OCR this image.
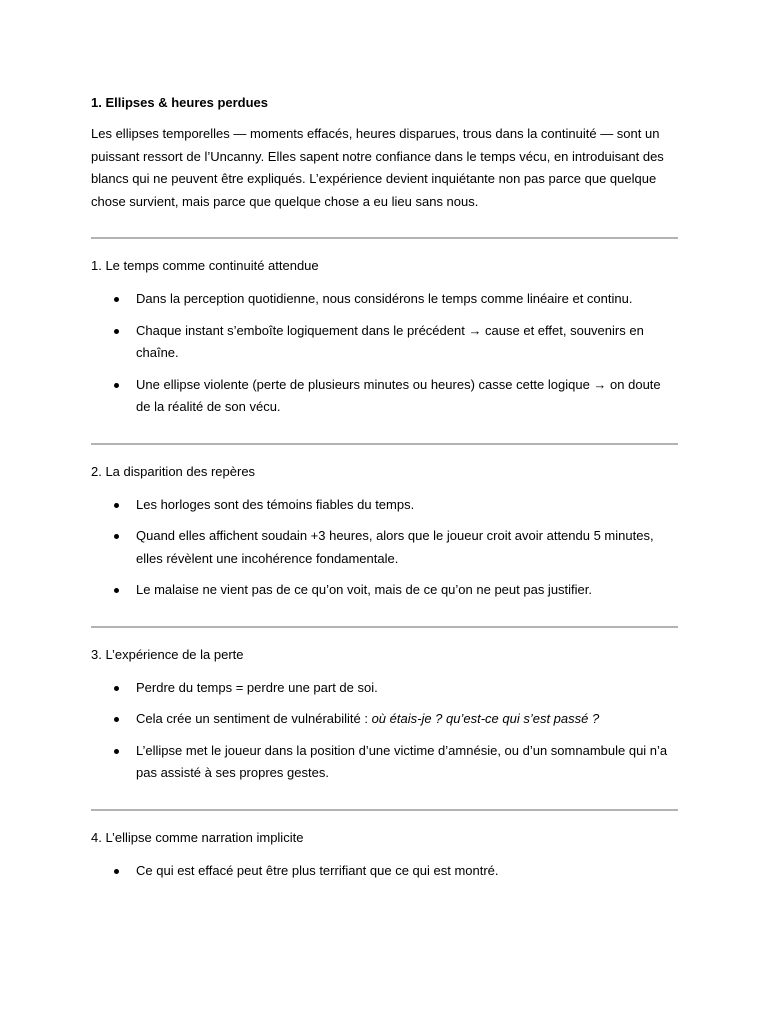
1. Ellipses & heures perdues

Les ellipses temporelles — moments effacés, heures disparues, trous dans la continuité — sont un puissant ressort de l’Uncanny. Elles sapent notre confiance dans le temps vécu, en introduisant des blancs qui ne peuvent être expliqués. L’expérience devient inquiétante non pas parce que quelque chose survient, mais parce que quelque chose a eu lieu sans nous.

1. Le temps comme continuité attendue
Dans la perception quotidienne, nous considérons le temps comme linéaire et continu.
Chaque instant s’emboîte logiquement dans le précédent → cause et effet, souvenirs en chaîne.
Une ellipse violente (perte de plusieurs minutes ou heures) casse cette logique → on doute de la réalité de son vécu.
2. La disparition des repères
Les horloges sont des témoins fiables du temps.
Quand elles affichent soudain +3 heures, alors que le joueur croit avoir attendu 5 minutes, elles révèlent une incohérence fondamentale.
Le malaise ne vient pas de ce qu’on voit, mais de ce qu’on ne peut pas justifier.
3. L’expérience de la perte
Perdre du temps = perdre une part de soi.
Cela crée un sentiment de vulnérabilité : où étais-je ? qu’est-ce qui s’est passé ?
L’ellipse met le joueur dans la position d’une victime d’amnésie, ou d’un somnambule qui n’a pas assisté à ses propres gestes.
4. L’ellipse comme narration implicite
Ce qui est effacé peut être plus terrifiant que ce qui est montré.
